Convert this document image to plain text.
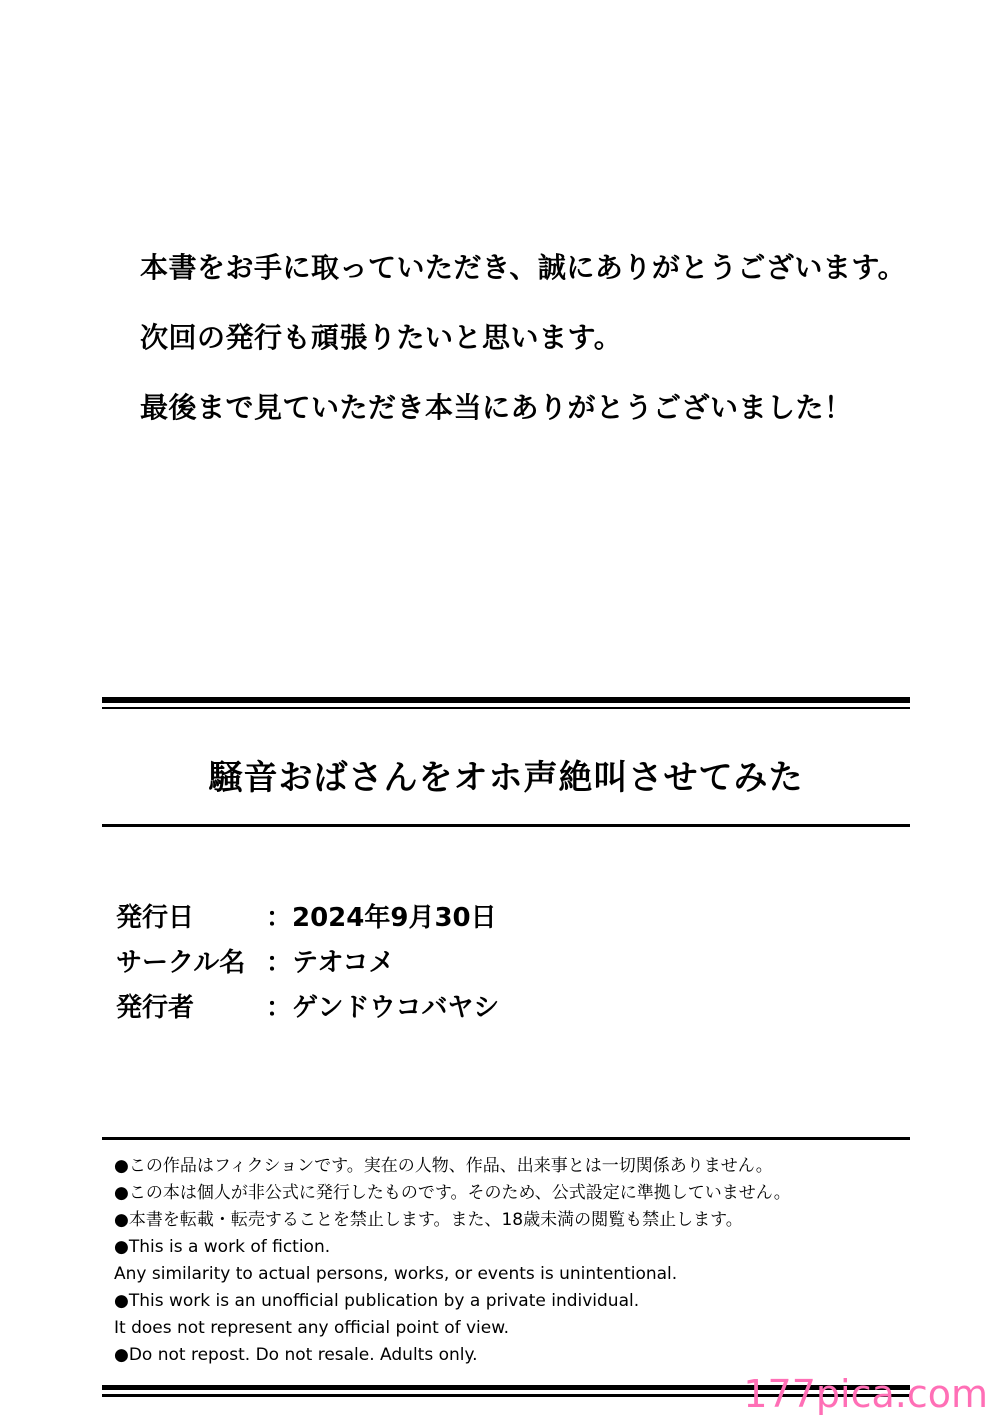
本書をお手に取っていただき、誠にありがとうございます。
次回の発行も頑張りたいと思います。
最後まで見ていただき本当にありがとうございました！
騒音おばさんをオホ声絶叫させてみた
発行日	：2024年9月30日
サークル名 ：テオコメ
発行者	：ゲンドウコバヤシ
●この作品はフィクションです。実在の人物、作品、出来事とは一切関係ありません。
●この本は個人が非公式に発行したものです。そのため、公式設定に準拠していません。
●本書を転載・転売することを禁止します。また、18歳未満の閲覧も禁止します。
●This is a work of fiction.
Any similarity to actual persons, works, or events is unintentional.
●This work is an unofficial publication by a private individual.
It does not represent any official point of view.
●Do not repost. Do not resale. Adults only.
177pica.com
